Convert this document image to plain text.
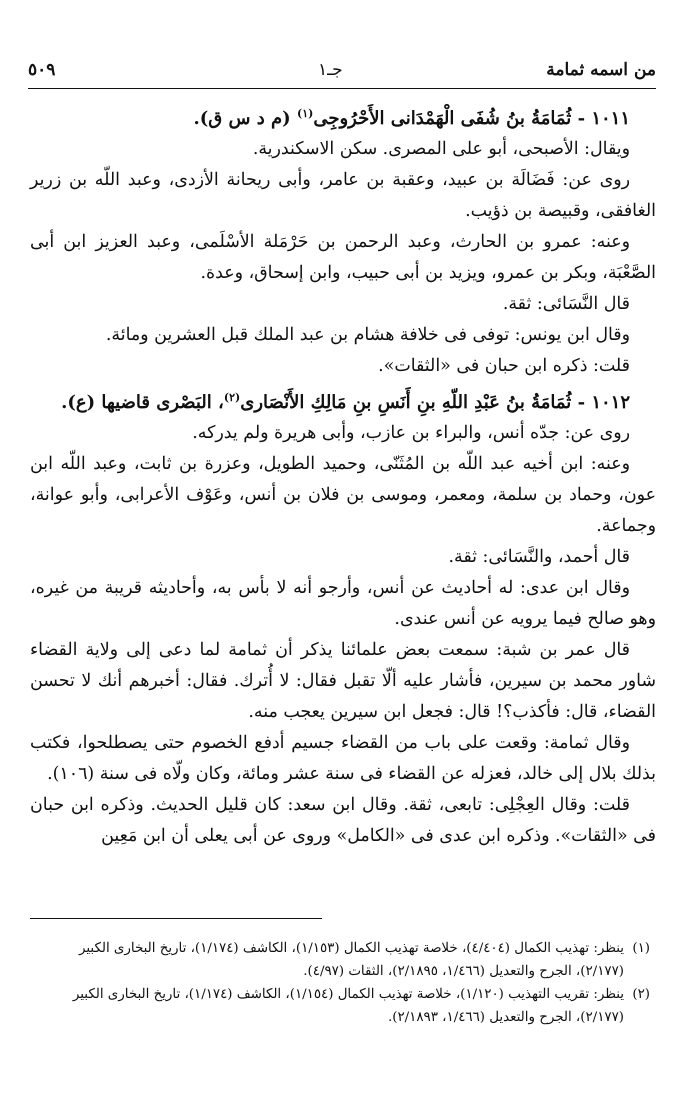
من اسمه ثمامة
جـ١
٥٠٩

١٠١١ - ثُمَامَةُ بنُ شُفَى الْهَمْدَانى الأَحْرُوجِى$^{(١)}$ (م د س ق).

ويقال: الأصبحى، أبو على المصرى. سكن الاسكندرية.

روى عن: فَضَالَة بن عبيد، وعقبة بن عامر، وأبى ريحانة الأزدى، وعبد اللّه بن زرير الغافقى، وقبيصة بن ذؤيب.

وعنه: عمرو بن الحارث، وعبد الرحمن بن حَرْمَلة الأسْلَمى، وعبد العزيز ابن أبى الصَّعْبَة، وبكر بن عمرو، ويزيد بن أبى حبيب، وابن إسحاق، وعدة.

قال النَّسَائى: ثقة.

وقال ابن يونس: توفى فى خلافة هشام بن عبد الملك قبل العشرين ومائة.

قلت: ذكره ابن حبان فى «الثقات».

١٠١٢ - ثُمَامَةُ بنُ عَبْدِ اللّهِ بنِ أَنَسِ بنِ مَالِكِ الأَنْصَارى$^{(٢)}$، البَصْرى قاضيها (ع).

روى عن: جدّه أنس، والبراء بن عازب، وأبى هريرة ولم يدركه.

وعنه: ابن أخيه عبد اللّه بن المُثَنّى، وحميد الطويل، وعزرة بن ثابت، وعبد اللّه ابن عون، وحماد بن سلمة، ومعمر، وموسى بن فلان بن أنس، وعَوْف الأعرابى، وأبو عوانة، وجماعة.

قال أحمد، والنَّسَائى: ثقة.

وقال ابن عدى: له أحاديث عن أنس، وأرجو أنه لا بأس به، وأحاديثه قريبة من غيره، وهو صالح فيما يرويه عن أنس عندى.

قال عمر بن شبة: سمعت بعض علمائنا يذكر أن ثمامة لما دعى إلى ولاية القضاء شاور محمد بن سيرين، فأشار عليه ألّا تقبل فقال: لا أُترك. فقال: أخبرهم أنك لا تحسن القضاء، قال: فأكذب؟! قال: فجعل ابن سيرين يعجب منه.

وقال ثمامة: وقعت على باب من القضاء جسيم أدفع الخصوم حتى يصطلحوا، فكتب بذلك بلال إلى خالد، فعزله عن القضاء فى سنة عشر ومائة، وكان ولّاه فى سنة (١٠٦).

قلت: وقال العِجْلِى: تابعى، ثقة. وقال ابن سعد: كان قليل الحديث. وذكره ابن حبان فى «الثقات». وذكره ابن عدى فى «الكامل» وروى عن أبى يعلى أن ابن مَعِين

(١)
ينظر: تهذيب الكمال (٤/٤٠٤)، خلاصة تهذيب الكمال (١/١٥٣)، الكاشف (١/١٧٤)، تاريخ البخارى الكبير (٢/١٧٧)، الجرح والتعديل (١/٤٦٦، ٢/١٨٩٥)، الثقات (٤/٩٧).
(٢)
ينظر: تقريب التهذيب (١/١٢٠)، خلاصة تهذيب الكمال (١/١٥٤)، الكاشف (١/١٧٤)، تاريخ البخارى الكبير (٢/١٧٧)، الجرح والتعديل (١/٤٦٦، ٢/١٨٩٣).
